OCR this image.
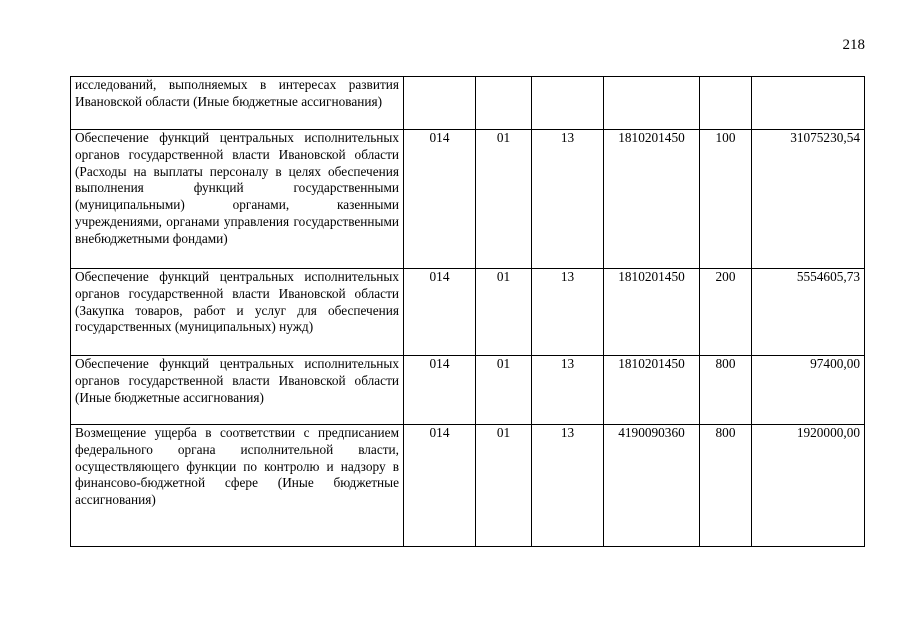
218
исследований, выполняемых в интересах развития Ивановской области (Иные бюджетные ассигнования)						
Обеспечение функций центральных исполнительных органов государственной власти Ивановской области (Расходы на выплаты персоналу в целях обеспечения выполнения функций государственными (муниципальными) органами, казенными учреждениями, органами управления государственными внебюджетными фондами)	014	01	13	1810201450	100	31075230,54
Обеспечение функций центральных исполнительных органов государственной власти Ивановской области (Закупка товаров, работ и услуг для обеспечения государственных (муниципальных) нужд)	014	01	13	1810201450	200	5554605,73
Обеспечение функций центральных исполнительных органов государственной власти Ивановской области (Иные бюджетные ассигнования)	014	01	13	1810201450	800	97400,00
Возмещение ущерба в соответствии с предписанием федерального органа исполнительной власти, осуществляющего функции по контролю и надзору в финансово-бюджетной сфере (Иные бюджетные ассигнования)	014	01	13	4190090360	800	1920000,00
